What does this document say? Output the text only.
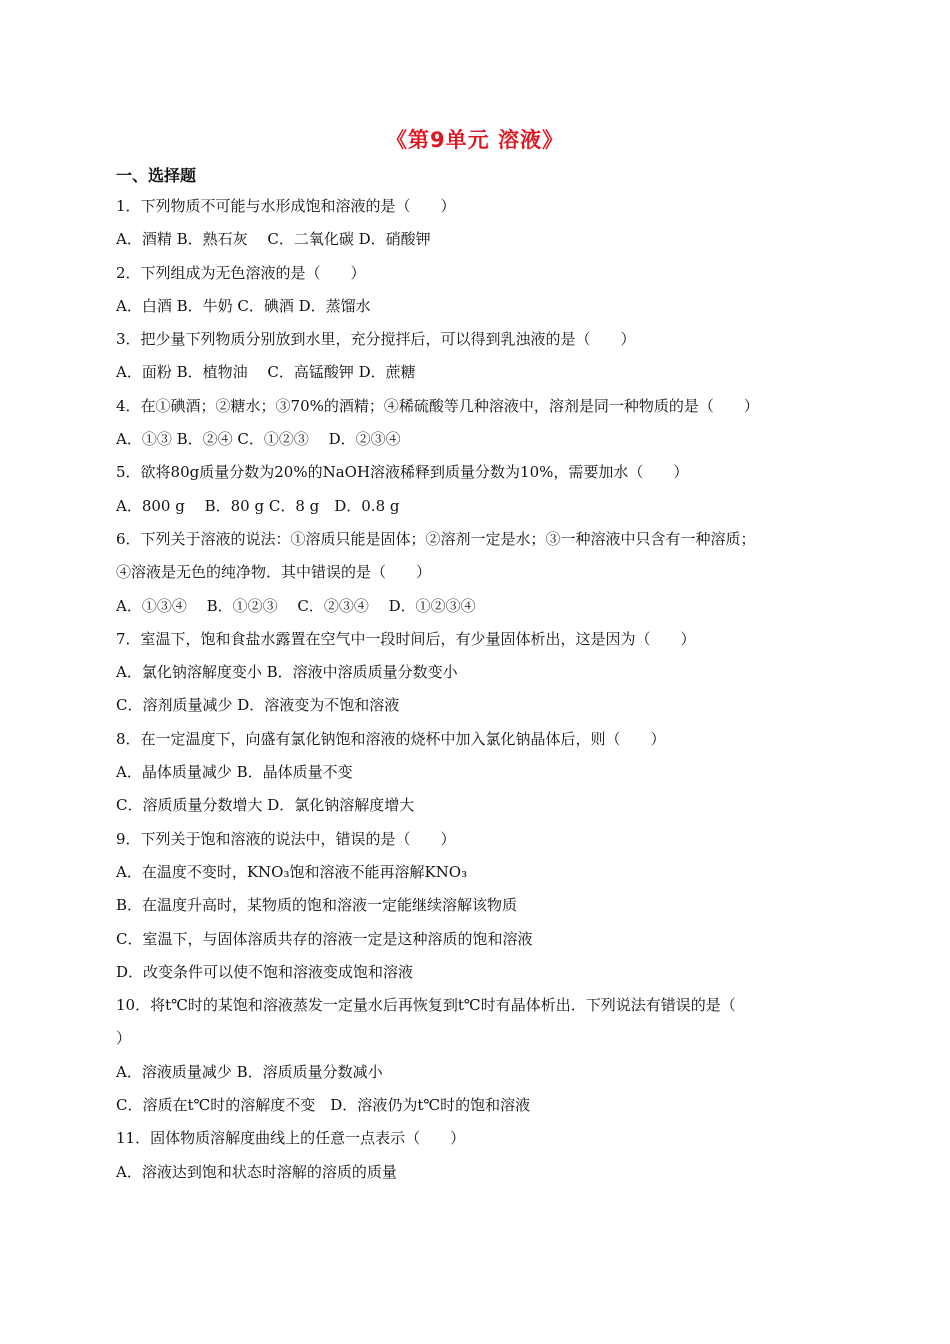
《第9单元 溶液》
一、选择题
1．下列物质不可能与水形成饱和溶液的是（　　）
A．酒精 B．熟石灰　 C．二氧化碳 D．硝酸钾
2．下列组成为无色溶液的是（　　）
A．白酒 B．牛奶 C．碘酒 D．蒸馏水
3．把少量下列物质分别放到水里，充分搅拌后，可以得到乳浊液的是（　　）
A．面粉 B．植物油　 C．高锰酸钾 D．蔗糖
4．在①碘酒；②糖水；③70%的酒精；④稀硫酸等几种溶液中，溶剂是同一种物质的是（　　）
A．①③ B．②④ C．①②③　 D．②③④
5．欲将80g质量分数为20%的NaOH溶液稀释到质量分数为10%，需要加水（　　）
A．800 g　 B．80 g C．8 g　D．0.8 g
6．下列关于溶液的说法：①溶质只能是固体；②溶剂一定是水；③一种溶液中只含有一种溶质；
④溶液是无色的纯净物．其中错误的是（　　）
A．①③④　 B．①②③　 C．②③④　 D．①②③④
7．室温下，饱和食盐水露置在空气中一段时间后，有少量固体析出，这是因为（　　）
A．氯化钠溶解度变小 B．溶液中溶质质量分数变小
C．溶剂质量减少 D．溶液变为不饱和溶液
8．在一定温度下，向盛有氯化钠饱和溶液的烧杯中加入氯化钠晶体后，则（　　）
A．晶体质量减少 B．晶体质量不变
C．溶质质量分数增大 D．氯化钠溶解度增大
9．下列关于饱和溶液的说法中，错误的是（　　）
A．在温度不变时，KNO₃饱和溶液不能再溶解KNO₃
B．在温度升高时，某物质的饱和溶液一定能继续溶解该物质
C．室温下，与固体溶质共存的溶液一定是这种溶质的饱和溶液
D．改变条件可以使不饱和溶液变成饱和溶液
10．将t℃时的某饱和溶液蒸发一定量水后再恢复到t℃时有晶体析出．下列说法有错误的是（
）
A．溶液质量减少 B．溶质质量分数减小
C．溶质在t℃时的溶解度不变　D．溶液仍为t℃时的饱和溶液
11．固体物质溶解度曲线上的任意一点表示（　　）
A．溶液达到饱和状态时溶解的溶质的质量
